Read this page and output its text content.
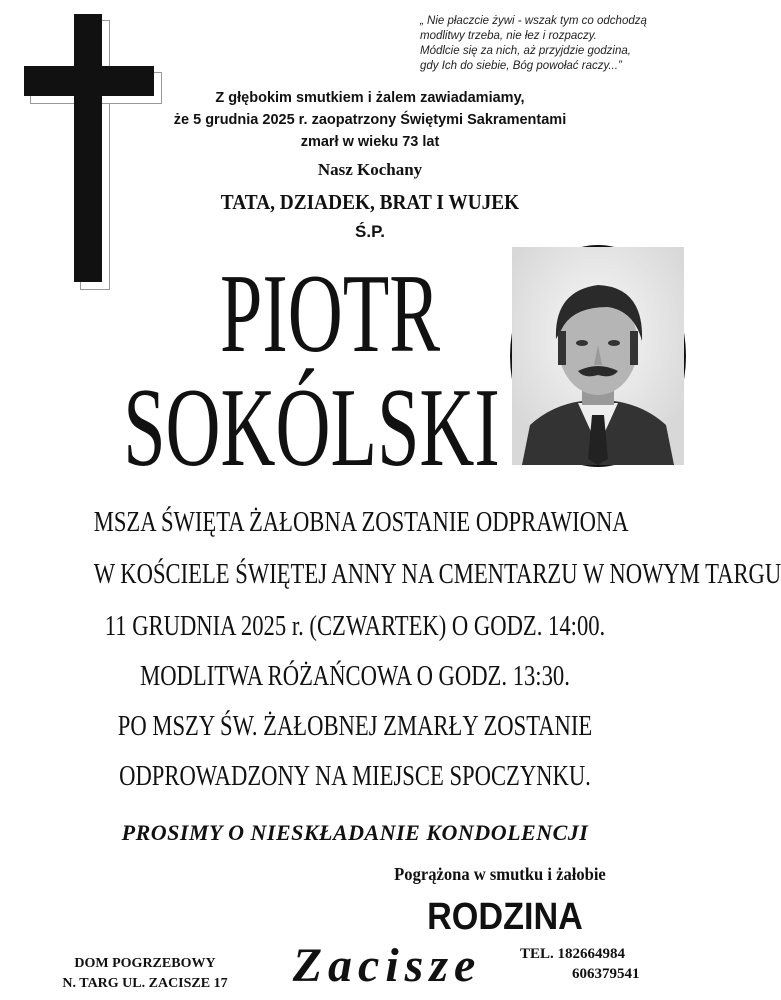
„ Nie płaczcie żywi - wszak tym co odchodzą
modlitwy trzeba, nie łez i rozpaczy.
Módlcie się za nich, aż przyjdzie godzina,
gdy Ich do siebie, Bóg powołać raczy...”
Z głębokim smutkiem i żalem zawiadamiamy,
że 5 grudnia 2025 r. zaopatrzony Świętymi Sakramentami
zmarł w wieku 73 lat
Nasz Kochany
TATA, DZIADEK, BRAT I WUJEK
Ś.P.
PIOTR
SOKÓLSKI
MSZA ŚWIĘTA ŻAŁOBNA ZOSTANIE ODPRAWIONA
W KOŚCIELE ŚWIĘTEJ ANNY NA CMENTARZU W NOWYM TARGU
11 GRUDNIA 2025 r. (CZWARTEK) O GODZ. 14:00.
MODLITWA RÓŻAŃCOWA O GODZ. 13:30.
PO MSZY ŚW. ŻAŁOBNEJ ZMARŁY ZOSTANIE
ODPROWADZONY NA MIEJSCE SPOCZYNKU.
PROSIMY O NIESKŁADANIE KONDOLENCJI
Pogrążona w smutku i żałobie
RODZINA
DOM POGRZEBOWY
N. TARG UL. ZACISZE 17	Zacisze	TEL. 182664984
606379541
